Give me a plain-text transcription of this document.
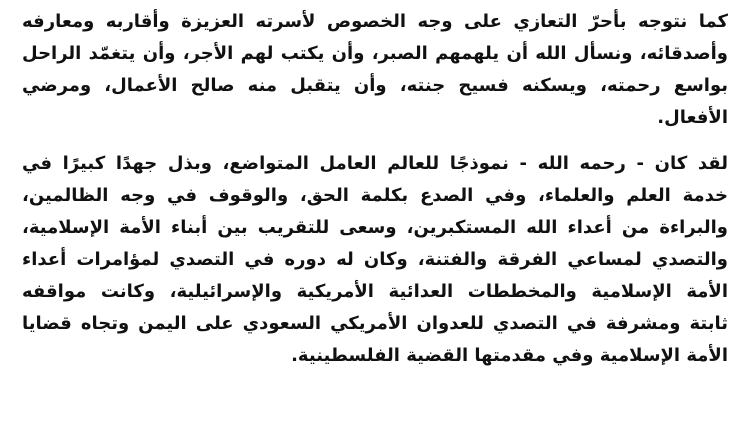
كما نتوجه بأحرّ التعازي على وجه الخصوص لأسرته العزيزة وأقاربه ومعارفه
وأصدقائه، ونسأل الله أن يلهمهم الصبر، وأن يكتب لهم الأجر، وأن يتغمّد الراحل
بواسع رحمته، ويسكنه فسيح جنته، وأن يتقبل منه صالح الأعمال، ومرضي
الأفعال.
لقد كان - رحمه الله - نموذجًا للعالم العامل المتواضع، وبذل جهدًا كبيرًا في
خدمة العلم والعلماء، وفي الصدع بكلمة الحق، والوقوف في وجه الظالمين،
والبراءة من أعداء الله المستكبرين، وسعى للتقريب بين أبناء الأمة الإسلامية،
والتصدي لمساعي الفرقة والفتنة، وكان له دوره في التصدي لمؤامرات أعداء
الأمة الإسلامية والمخططات العدائية الأمريكية والإسرائيلية، وكانت مواقفه
ثابتة ومشرفة في التصدي للعدوان الأمريكي السعودي على اليمن وتجاه قضايا
الأمة الإسلامية وفي مقدمتها القضية الفلسطينية.
